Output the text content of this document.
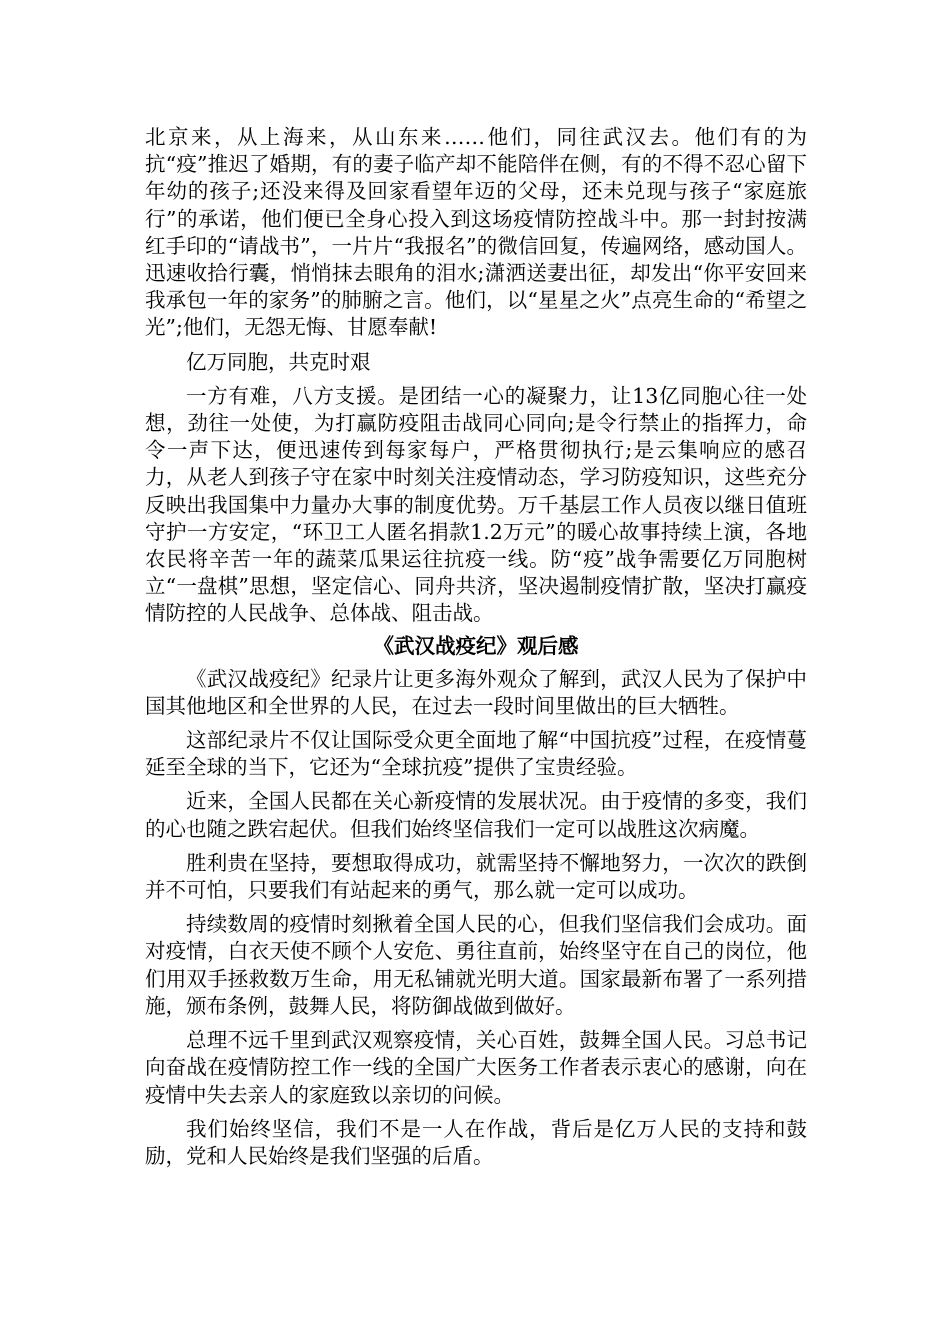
北京来，从上海来，从山东来……他们，同往武汉去。他们有的为抗“疫”推迟了婚期，有的妻子临产却不能陪伴在侧，有的不得不忍心留下年幼的孩子;还没来得及回家看望年迈的父母，还未兑现与孩子“家庭旅行”的承诺，他们便已全身心投入到这场疫情防控战斗中。那一封封按满红手印的“请战书”，一片片“我报名”的微信回复，传遍网络，感动国人。迅速收拾行囊，悄悄抹去眼角的泪水;潇洒送妻出征，却发出“你平安回来我承包一年的家务”的肺腑之言。他们，以“星星之火”点亮生命的“希望之光”;他们，无怨无悔、甘愿奉献!

亿万同胞，共克时艰

一方有难，八方支援。是团结一心的凝聚力，让13亿同胞心往一处想，劲往一处使，为打赢防疫阻击战同心同向;是令行禁止的指挥力，命令一声下达，便迅速传到每家每户，严格贯彻执行;是云集响应的感召力，从老人到孩子守在家中时刻关注疫情动态，学习防疫知识，这些充分反映出我国集中力量办大事的制度优势。万千基层工作人员夜以继日值班守护一方安定，“环卫工人匿名捐款1.2万元”的暖心故事持续上演，各地农民将辛苦一年的蔬菜瓜果运往抗疫一线。防“疫”战争需要亿万同胞树立“一盘棋”思想，坚定信心、同舟共济，坚决遏制疫情扩散，坚决打赢疫情防控的人民战争、总体战、阻击战。

《武汉战疫纪》观后感

《武汉战疫纪》纪录片让更多海外观众了解到，武汉人民为了保护中国其他地区和全世界的人民，在过去一段时间里做出的巨大牺牲。

这部纪录片不仅让国际受众更全面地了解“中国抗疫”过程，在疫情蔓延至全球的当下，它还为“全球抗疫”提供了宝贵经验。

近来，全国人民都在关心新疫情的发展状况。由于疫情的多变，我们的心也随之跌宕起伏。但我们始终坚信我们一定可以战胜这次病魔。

胜利贵在坚持，要想取得成功，就需坚持不懈地努力，一次次的跌倒并不可怕，只要我们有站起来的勇气，那么就一定可以成功。

持续数周的疫情时刻揪着全国人民的心，但我们坚信我们会成功。面对疫情，白衣天使不顾个人安危、勇往直前，始终坚守在自己的岗位，他们用双手拯救数万生命，用无私铺就光明大道。国家最新布署了一系列措施，颁布条例，鼓舞人民，将防御战做到做好。

总理不远千里到武汉观察疫情，关心百姓，鼓舞全国人民。习总书记向奋战在疫情防控工作一线的全国广大医务工作者表示衷心的感谢，向在疫情中失去亲人的家庭致以亲切的问候。

我们始终坚信，我们不是一人在作战，背后是亿万人民的支持和鼓励，党和人民始终是我们坚强的后盾。
